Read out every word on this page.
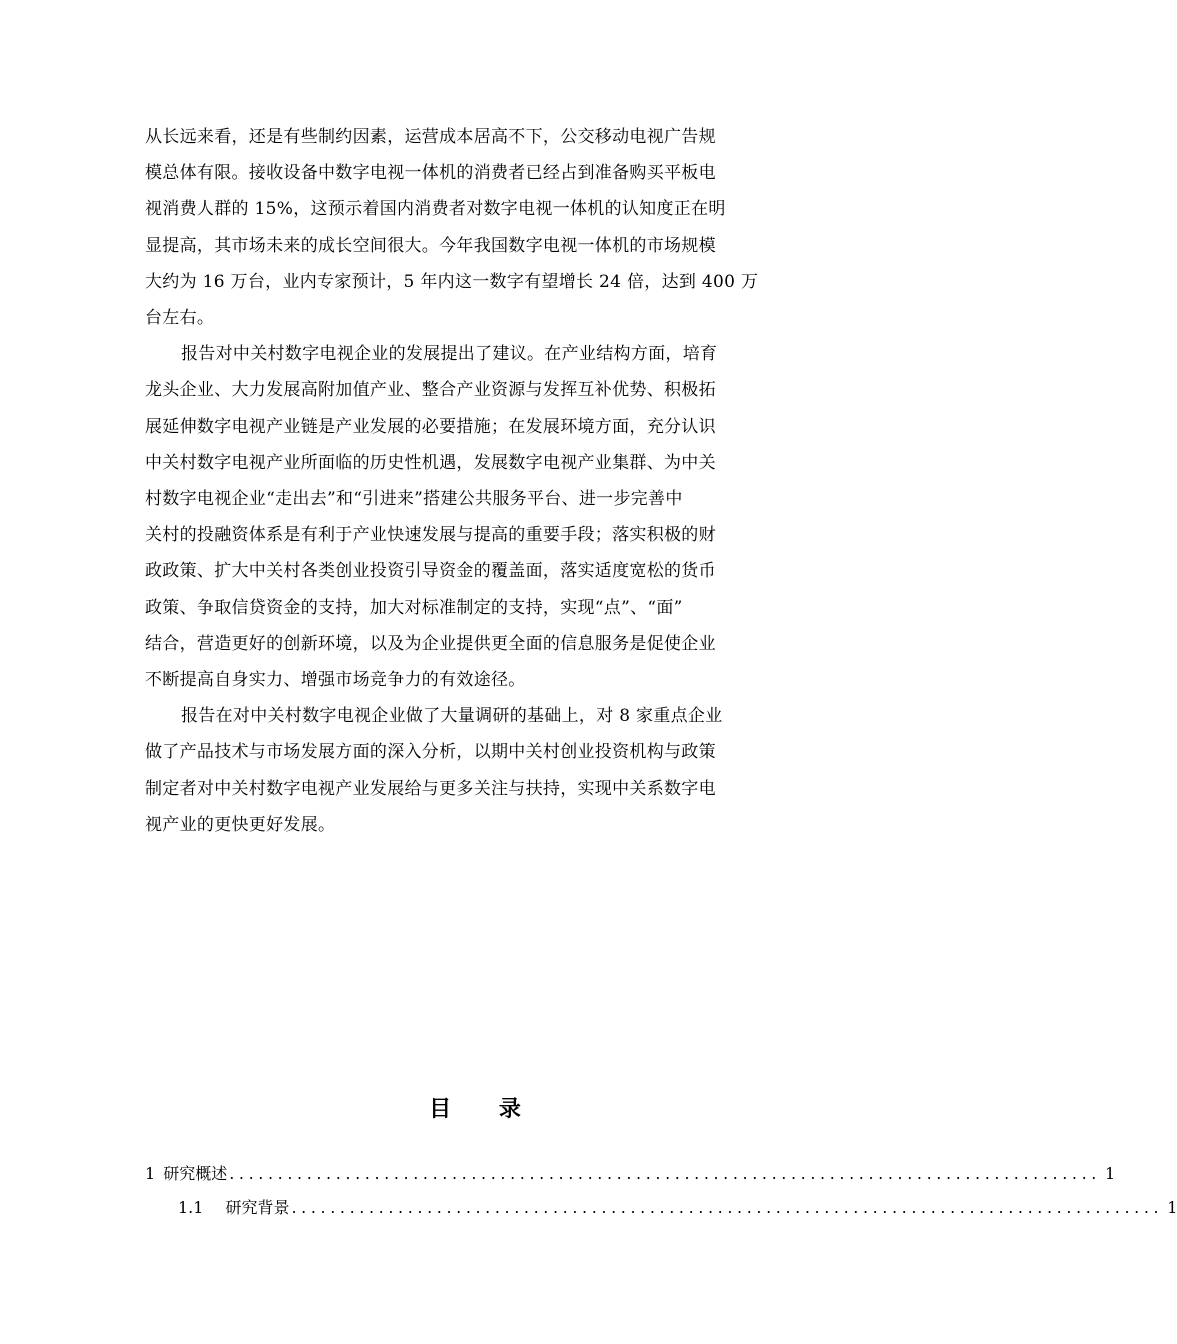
从长远来看，还是有些制约因素，运营成本居高不下，公交移动电视广告规
模总体有限。接收设备中数字电视一体机的消费者已经占到准备购买平板电
视消费人群的 15%，这预示着国内消费者对数字电视一体机的认知度正在明
显提高，其市场未来的成长空间很大。今年我国数字电视一体机的市场规模
大约为 16 万台，业内专家预计，5 年内这一数字有望增长 24 倍，达到 400 万
台左右。

报告对中关村数字电视企业的发展提出了建议。在产业结构方面，培育
龙头企业、大力发展高附加值产业、整合产业资源与发挥互补优势、积极拓
展延伸数字电视产业链是产业发展的必要措施；在发展环境方面，充分认识
中关村数字电视产业所面临的历史性机遇，发展数字电视产业集群、为中关
村数字电视企业“走出去”和“引进来”搭建公共服务平台、进一步完善中
关村的投融资体系是有利于产业快速发展与提高的重要手段；落实积极的财
政政策、扩大中关村各类创业投资引导资金的覆盖面，落实适度宽松的货币
政策、争取信贷资金的支持，加大对标准制定的支持，实现“点”、“面”
结合，营造更好的创新环境，以及为企业提供更全面的信息服务是促使企业
不断提高自身实力、增强市场竞争力的有效途径。

报告在对中关村数字电视企业做了大量调研的基础上，对 8 家重点企业
做了产品技术与市场发展方面的深入分析，以期中关村创业投资机构与政策
制定者对中关村数字电视产业发展给与更多关注与扶持，实现中关系数字电
视产业的更快更好发展。

目 录
1 研究概述 .......................................................................................... 1
1.1 研究背景 .......................................................................................... 1
